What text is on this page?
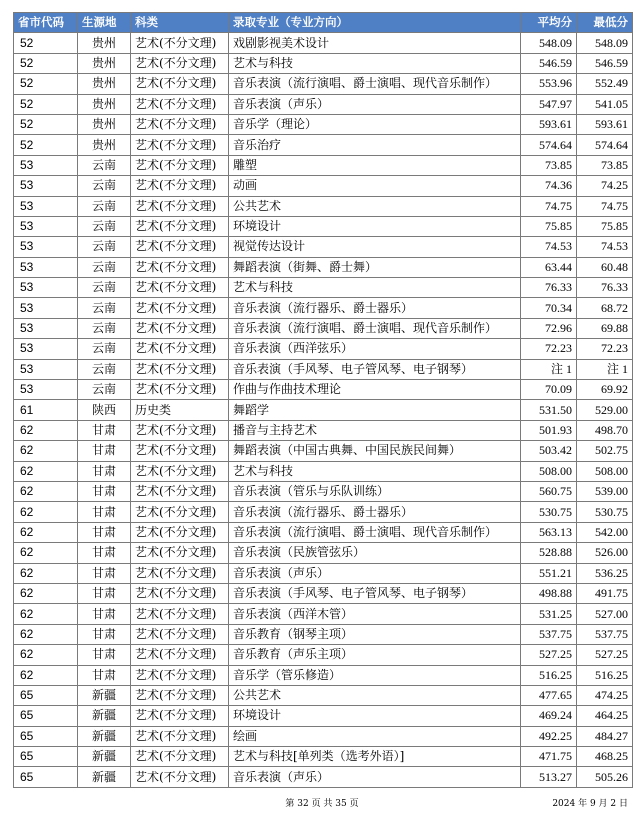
省市代码	生源地	科类	录取专业（专业方向）	平均分	最低分
52	贵州	艺术(不分文理)	戏剧影视美术设计	548.09	548.09
52	贵州	艺术(不分文理)	艺术与科技	546.59	546.59
52	贵州	艺术(不分文理)	音乐表演（流行演唱、爵士演唱、现代音乐制作）	553.96	552.49
52	贵州	艺术(不分文理)	音乐表演（声乐）	547.97	541.05
52	贵州	艺术(不分文理)	音乐学（理论）	593.61	593.61
52	贵州	艺术(不分文理)	音乐治疗	574.64	574.64
53	云南	艺术(不分文理)	雕塑	73.85	73.85
53	云南	艺术(不分文理)	动画	74.36	74.25
53	云南	艺术(不分文理)	公共艺术	74.75	74.75
53	云南	艺术(不分文理)	环境设计	75.85	75.85
53	云南	艺术(不分文理)	视觉传达设计	74.53	74.53
53	云南	艺术(不分文理)	舞蹈表演（街舞、爵士舞）	63.44	60.48
53	云南	艺术(不分文理)	艺术与科技	76.33	76.33
53	云南	艺术(不分文理)	音乐表演（流行器乐、爵士器乐）	70.34	68.72
53	云南	艺术(不分文理)	音乐表演（流行演唱、爵士演唱、现代音乐制作）	72.96	69.88
53	云南	艺术(不分文理)	音乐表演（西洋弦乐）	72.23	72.23
53	云南	艺术(不分文理)	音乐表演（手风琴、电子管风琴、电子钢琴）	注 1	注 1
53	云南	艺术(不分文理)	作曲与作曲技术理论	70.09	69.92
61	陕西	历史类	舞蹈学	531.50	529.00
62	甘肃	艺术(不分文理)	播音与主持艺术	501.93	498.70
62	甘肃	艺术(不分文理)	舞蹈表演（中国古典舞、中国民族民间舞）	503.42	502.75
62	甘肃	艺术(不分文理)	艺术与科技	508.00	508.00
62	甘肃	艺术(不分文理)	音乐表演（管乐与乐队训练）	560.75	539.00
62	甘肃	艺术(不分文理)	音乐表演（流行器乐、爵士器乐）	530.75	530.75
62	甘肃	艺术(不分文理)	音乐表演（流行演唱、爵士演唱、现代音乐制作）	563.13	542.00
62	甘肃	艺术(不分文理)	音乐表演（民族管弦乐）	528.88	526.00
62	甘肃	艺术(不分文理)	音乐表演（声乐）	551.21	536.25
62	甘肃	艺术(不分文理)	音乐表演（手风琴、电子管风琴、电子钢琴）	498.88	491.75
62	甘肃	艺术(不分文理)	音乐表演（西洋木管）	531.25	527.00
62	甘肃	艺术(不分文理)	音乐教育（钢琴主项）	537.75	537.75
62	甘肃	艺术(不分文理)	音乐教育（声乐主项）	527.25	527.25
62	甘肃	艺术(不分文理)	音乐学（管乐修造）	516.25	516.25
65	新疆	艺术(不分文理)	公共艺术	477.65	474.25
65	新疆	艺术(不分文理)	环境设计	469.24	464.25
65	新疆	艺术(不分文理)	绘画	492.25	484.27
65	新疆	艺术(不分文理)	艺术与科技[单列类（选考外语）]	471.75	468.25
65	新疆	艺术(不分文理)	音乐表演（声乐）	513.27	505.26
第 32 页 共 35 页	2024 年 9 月 2 日
